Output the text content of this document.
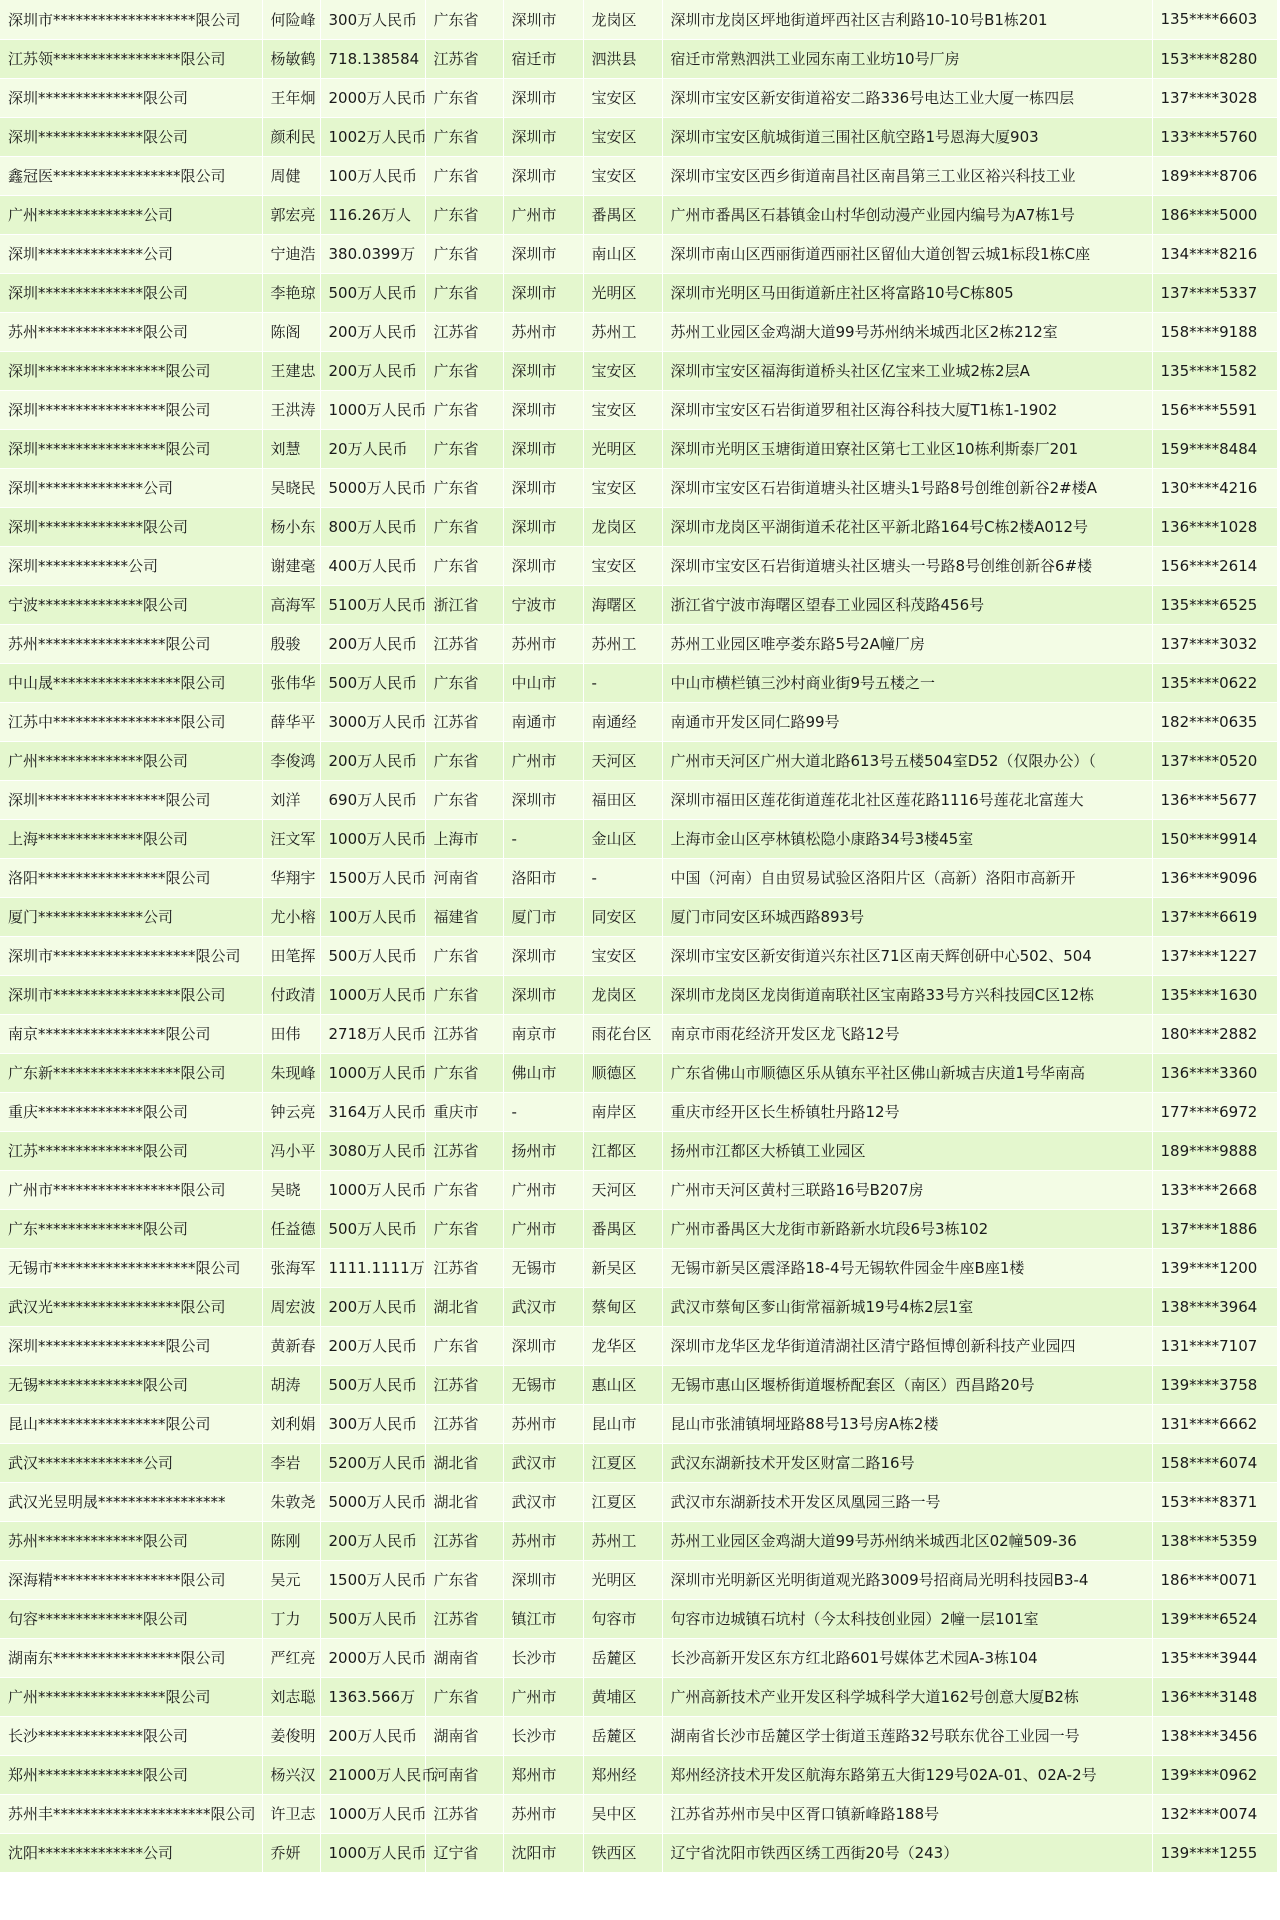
深圳市*******************限公司	何险峰	300万人民币	广东省	深圳市	龙岗区	深圳市龙岗区坪地街道坪西社区吉利路10-10号B1栋201	135****6603
江苏领*****************限公司	杨敏鹤	718.138584	江苏省	宿迁市	泗洪县	宿迁市常熟泗洪工业园东南工业坊10号厂房	153****8280
深圳**************限公司	王年炯	2000万人民币	广东省	深圳市	宝安区	深圳市宝安区新安街道裕安二路336号电达工业大厦一栋四层	137****3028
深圳**************限公司	颜利民	1002万人民币	广东省	深圳市	宝安区	深圳市宝安区航城街道三围社区航空路1号恩海大厦903	133****5760
鑫冠医*****************限公司	周健	100万人民币	广东省	深圳市	宝安区	深圳市宝安区西乡街道南昌社区南昌第三工业区裕兴科技工业	189****8706
广州**************公司	郭宏亮	116.26万人	广东省	广州市	番禺区	广州市番禺区石碁镇金山村华创动漫产业园内编号为A7栋1号	186****5000
深圳**************公司	宁迪浩	380.0399万	广东省	深圳市	南山区	深圳市南山区西丽街道西丽社区留仙大道创智云城1标段1栋C座	134****8216
深圳**************限公司	李艳琼	500万人民币	广东省	深圳市	光明区	深圳市光明区马田街道新庄社区将富路10号C栋805	137****5337
苏州**************限公司	陈阁	200万人民币	江苏省	苏州市	苏州工	苏州工业园区金鸡湖大道99号苏州纳米城西北区2栋212室	158****9188
深圳*****************限公司	王建忠	200万人民币	广东省	深圳市	宝安区	深圳市宝安区福海街道桥头社区亿宝来工业城2栋2层A	135****1582
深圳*****************限公司	王洪涛	1000万人民币	广东省	深圳市	宝安区	深圳市宝安区石岩街道罗租社区海谷科技大厦T1栋1-1902	156****5591
深圳*****************限公司	刘慧	20万人民币	广东省	深圳市	光明区	深圳市光明区玉塘街道田寮社区第七工业区10栋利斯泰厂201	159****8484
深圳**************公司	吴晓民	5000万人民币	广东省	深圳市	宝安区	深圳市宝安区石岩街道塘头社区塘头1号路8号创维创新谷2#楼A	130****4216
深圳**************限公司	杨小东	800万人民币	广东省	深圳市	龙岗区	深圳市龙岗区平湖街道禾花社区平新北路164号C栋2楼A012号	136****1028
深圳************公司	谢建毫	400万人民币	广东省	深圳市	宝安区	深圳市宝安区石岩街道塘头社区塘头一号路8号创维创新谷6#楼	156****2614
宁波**************限公司	高海军	5100万人民币	浙江省	宁波市	海曙区	浙江省宁波市海曙区望春工业园区科茂路456号	135****6525
苏州*****************限公司	殷骏	200万人民币	江苏省	苏州市	苏州工	苏州工业园区唯亭娄东路5号2A幢厂房	137****3032
中山晟*****************限公司	张伟华	500万人民币	广东省	中山市	-	中山市横栏镇三沙村商业街9号五楼之一	135****0622
江苏中*****************限公司	薛华平	3000万人民币	江苏省	南通市	南通经	南通市开发区同仁路99号	182****0635
广州**************限公司	李俊鸿	200万人民币	广东省	广州市	天河区	广州市天河区广州大道北路613号五楼504室D52（仅限办公）（	137****0520
深圳*****************限公司	刘洋	690万人民币	广东省	深圳市	福田区	深圳市福田区莲花街道莲花北社区莲花路1116号莲花北富莲大	136****5677
上海**************限公司	汪文军	1000万人民币	上海市	-	金山区	上海市金山区亭林镇松隐小康路34号3楼45室	150****9914
洛阳*****************限公司	华翔宇	1500万人民币	河南省	洛阳市	-	中国（河南）自由贸易试验区洛阳片区（高新）洛阳市高新开	136****9096
厦门**************公司	尤小榕	100万人民币	福建省	厦门市	同安区	厦门市同安区环城西路893号	137****6619
深圳市*******************限公司	田笔挥	500万人民币	广东省	深圳市	宝安区	深圳市宝安区新安街道兴东社区71区南天辉创研中心502、504	137****1227
深圳市*****************限公司	付政清	1000万人民币	广东省	深圳市	龙岗区	深圳市龙岗区龙岗街道南联社区宝南路33号方兴科技园C区12栋	135****1630
南京*****************限公司	田伟	2718万人民币	江苏省	南京市	雨花台区	南京市雨花经济开发区龙飞路12号	180****2882
广东新*****************限公司	朱现峰	1000万人民币	广东省	佛山市	顺德区	广东省佛山市顺德区乐从镇东平社区佛山新城吉庆道1号华南高	136****3360
重庆**************限公司	钟云亮	3164万人民币	重庆市	-	南岸区	重庆市经开区长生桥镇牡丹路12号	177****6972
江苏**************限公司	冯小平	3080万人民币	江苏省	扬州市	江都区	扬州市江都区大桥镇工业园区	189****9888
广州市*****************限公司	吴晓	1000万人民币	广东省	广州市	天河区	广州市天河区黄村三联路16号B207房	133****2668
广东**************限公司	任益德	500万人民币	广东省	广州市	番禺区	广州市番禺区大龙街市新路新水坑段6号3栋102	137****1886
无锡市*******************限公司	张海军	1111.1111万	江苏省	无锡市	新吴区	无锡市新吴区震泽路18-4号无锡软件园金牛座B座1楼	139****1200
武汉光*****************限公司	周宏波	200万人民币	湖北省	武汉市	蔡甸区	武汉市蔡甸区奓山街常福新城19号4栋2层1室	138****3964
深圳*****************限公司	黄新春	200万人民币	广东省	深圳市	龙华区	深圳市龙华区龙华街道清湖社区清宁路恒博创新科技产业园四	131****7107
无锡**************限公司	胡涛	500万人民币	江苏省	无锡市	惠山区	无锡市惠山区堰桥街道堰桥配套区（南区）西昌路20号	139****3758
昆山*****************限公司	刘利娟	300万人民币	江苏省	苏州市	昆山市	昆山市张浦镇垌垭路88号13号房A栋2楼	131****6662
武汉**************公司	李岩	5200万人民币	湖北省	武汉市	江夏区	武汉东湖新技术开发区财富二路16号	158****6074
武汉光昱明晟*****************	朱敦尧	5000万人民币	湖北省	武汉市	江夏区	武汉市东湖新技术开发区凤凰园三路一号	153****8371
苏州**************限公司	陈刚	200万人民币	江苏省	苏州市	苏州工	苏州工业园区金鸡湖大道99号苏州纳米城西北区02幢509-36	138****5359
深海精*****************限公司	吴元	1500万人民币	广东省	深圳市	光明区	深圳市光明新区光明街道观光路3009号招商局光明科技园B3-4	186****0071
句容**************限公司	丁力	500万人民币	江苏省	镇江市	句容市	句容市边城镇石坑村（今太科技创业园）2幢一层101室	139****6524
湖南东*****************限公司	严红亮	2000万人民币	湖南省	长沙市	岳麓区	长沙高新开发区东方红北路601号媒体艺术园A-3栋104	135****3944
广州*****************限公司	刘志聪	1363.566万	广东省	广州市	黄埔区	广州高新技术产业开发区科学城科学大道162号创意大厦B2栋	136****3148
长沙**************限公司	姜俊明	200万人民币	湖南省	长沙市	岳麓区	湖南省长沙市岳麓区学士街道玉莲路32号联东优谷工业园一号	138****3456
郑州**************限公司	杨兴汉	21000万人民币	河南省	郑州市	郑州经	郑州经济技术开发区航海东路第五大街129号02A-01、02A-2号	139****0962
苏州丰*********************限公司	许卫志	1000万人民币	江苏省	苏州市	吴中区	江苏省苏州市吴中区胥口镇新峰路188号	132****0074
沈阳**************公司	乔妍	1000万人民币	辽宁省	沈阳市	铁西区	辽宁省沈阳市铁西区绣工西街20号（243）	139****1255
